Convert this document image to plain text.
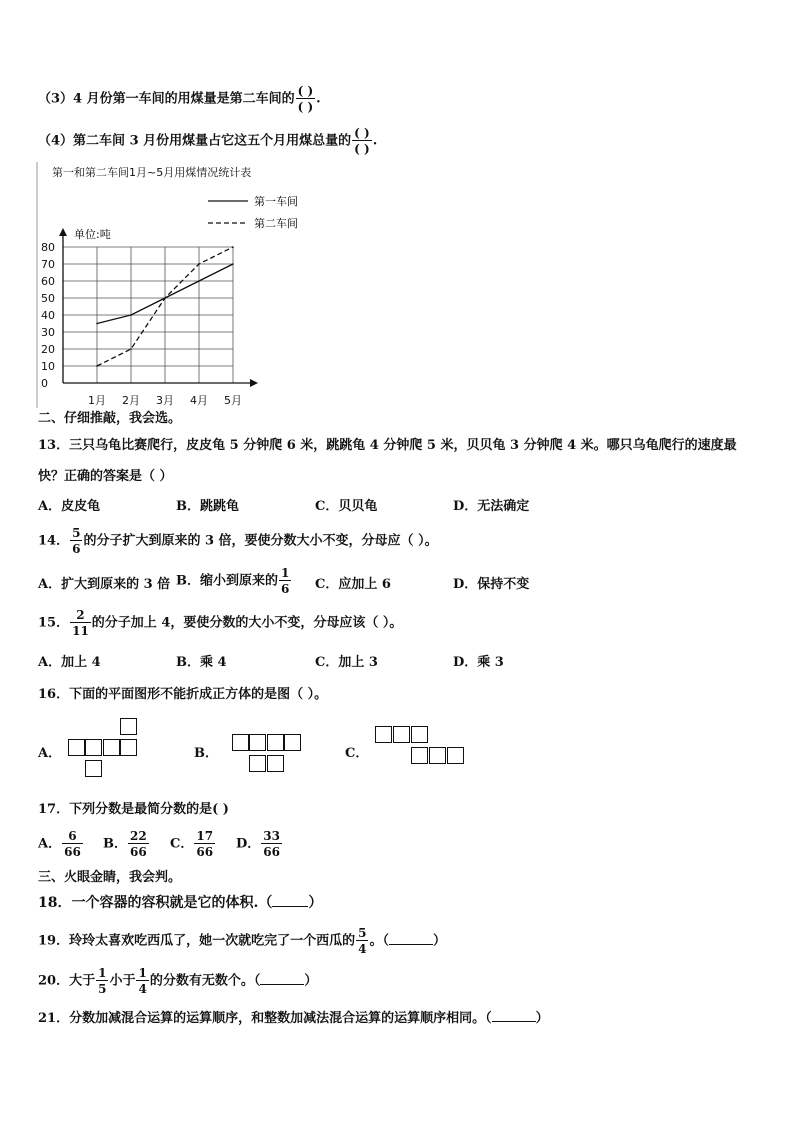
（3）4 月份第一车间的用煤量是第二车间的 $\frac{( )}{( )}$ .
（4）第二车间 3 月份用煤量占它这五个月用煤总量的 $\frac{( )}{( )}$ .
第一和第二车间1月~5月用煤情况统计表
第一车间
第二车间
单位:吨
0
10
20
30
40
50
60
70
80
1月 2月 3月 4月 5月
二、仔细推敲，我会选。
13．三只乌龟比赛爬行，皮皮龟 5 分钟爬 6 米，跳跳龟 4 分钟爬 5 米，贝贝龟 3 分钟爬 4 米。哪只乌龟爬行的速度最
快？正确的答案是（ ）
A．皮皮龟	B．跳跳龟	C．贝贝龟	D．无法确定
14． $\frac{5}{6}$ 的分子扩大到原来的 3 倍，要使分数大小不变，分母应（ ）。
A．扩大到原来的 3 倍 B．缩小到原来的 $\frac{1}{6}$ C．应加上 6	D．保持不变
15． $\frac{2}{11}$ 的分子加上 4，要使分数的大小不变，分母应该（ ）。
A．加上 4	B．乘 4	C．加上 3	D．乘 3
16．下面的平面图形不能折成正方体的是图（ ）。
A．	B．	C．
17．下列分数是最简分数的是( )
A． $\frac{6}{66}$ B． $\frac{22}{66}$ C． $\frac{17}{66}$ D． $\frac{33}{66}$
三、火眼金睛，我会判。
18．一个容器的容积就是它的体积.（	）
19．玲玲太喜欢吃西瓜了，她一次就吃完了一个西瓜的 $\frac{5}{4}$ 。（	）
20．大于 $\frac{1}{5}$ 小于 $\frac{1}{4}$ 的分数有无数个。（	）
21．分数加减混合运算的运算顺序，和整数加减法混合运算的运算顺序相同。（	）
